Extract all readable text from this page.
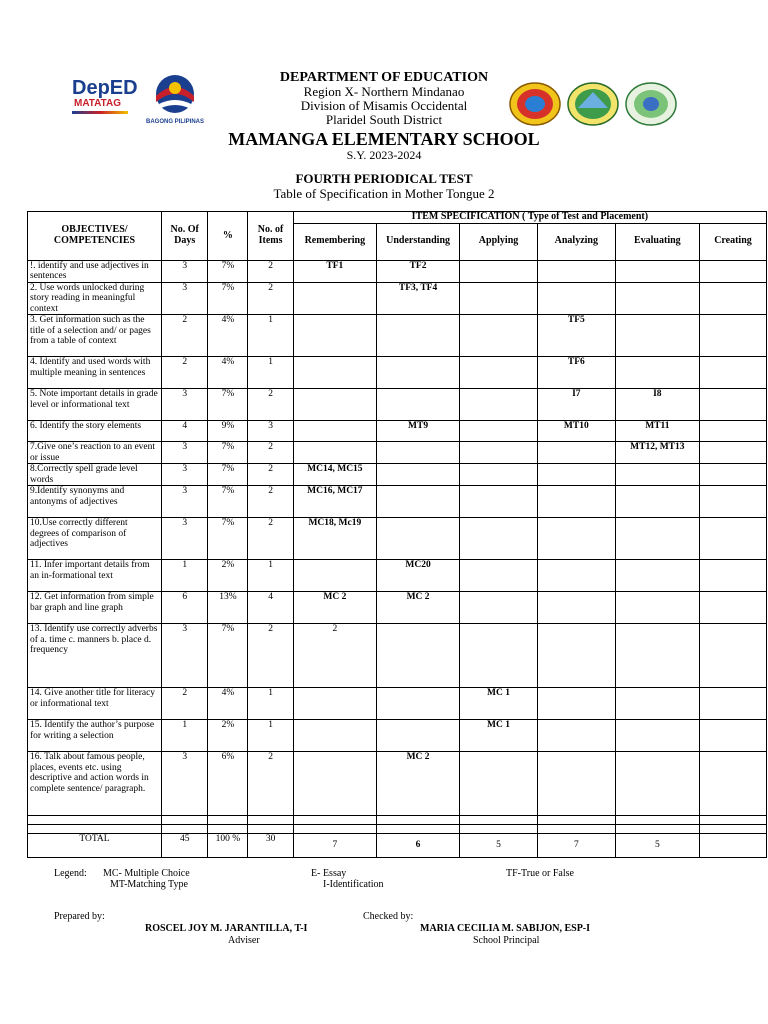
DepED
MATATAG
BAGONG PILIPINAS
DEPARTMENT OF EDUCATION
Region X- Northern Mindanao
Division of Misamis Occidental
Plaridel South District
MAMANGA ELEMENTARY SCHOOL
S.Y. 2023-2024
FOURTH PERIODICAL TEST
Table of Specification in Mother Tongue 2
OBJECTIVES/ COMPETENCIES	No. Of Days	%	No. of Items	ITEM SPECIFICATION ( Type of Test and Placement)					
				Remembering	Understanding	Applying	Analyzing	Evaluating	Creating
!. identify and use adjectives in sentences	3	7%	2	TF1	TF2				
2. Use words unlocked during story reading in meaningful context	3	7%	2		TF3, TF4				
3. Get information such as the title of a selection and/ or pages from a table of context	2	4%	1				TF5		
4. Identify and used words with multiple meaning in sentences	2	4%	1				TF6		
5. Note important details in grade level or informational text	3	7%	2				I7	I8	
6. Identify the story elements	4	9%	3		MT9		MT10	MT11	
7.Give one’s reaction to an event or issue	3	7%	2					MT12, MT13	
8.Correctly spell grade level words	3	7%	2	MC14, MC15					
9.Identify synonyms and antonyms of adjectives	3	7%	2	MC16, MC17					
10.Use correctly different degrees of comparison of adjectives	3	7%	2	MC18, Mc19					
11. Infer important details from an in-formational text	1	2%	1		MC20				
12. Get information from simple bar graph and line graph	6	13%	4	MC 2	MC 2				
13. Identify use correctly adverbs of a. time c. manners b. place d. frequency	3	7%	2	2					
14. Give another title for literacy or informational text	2	4%	1			MC 1			
15. Identify the author’s purpose for writing a selection	1	2%	1			MC 1			
16. Talk about famous people, places, events etc. using descriptive and action words in complete sentence/ paragraph.	3	6%	2		MC 2				

TOTAL	45	100 %	30	7	6	5	7	5	
Legend: MC- Multiple Choice
MT-Matching Type
E- Essay
I-Identification
TF-True or False
Prepared by:
ROSCEL JOY M. JARANTILLA, T-I
Adviser
Checked by:
MARIA CECILIA M. SABIJON, ESP-I
School Principal
